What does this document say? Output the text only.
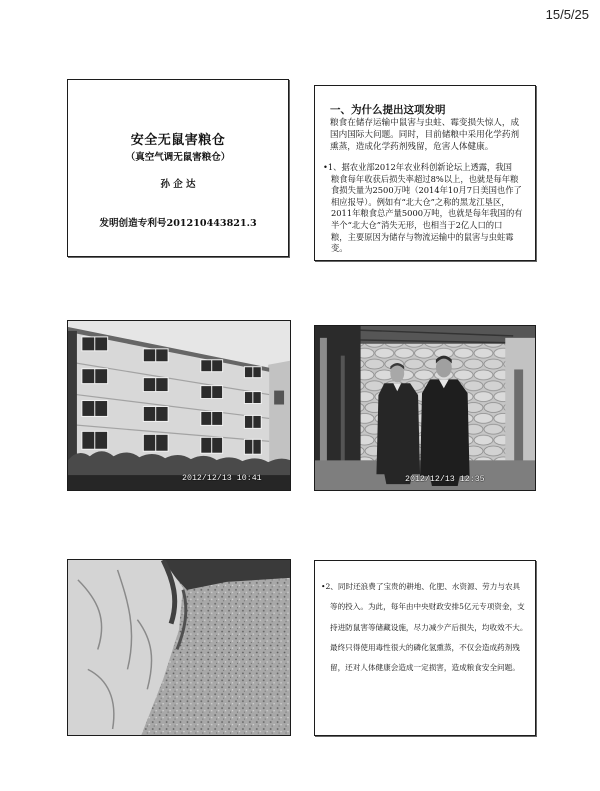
15/5/25
安全无鼠害粮仓
（真空气调无鼠害粮仓）
孙 企 达
发明创造专利号201210443821.3
一、为什么提出这项发明
粮食在储存运输中鼠害与虫蛀、霉变损失惊人，成
国内国际大问题。同时，目前储粮中采用化学药剂
熏蒸，造成化学药剂残留，危害人体健康。
•1、据农业部2012年农业科创新论坛上透露，我国
粮食每年收获后损失率超过8%以上，也就是每年粮
食损失量为2500万吨（2014年10月7日美国也作了
相应报导）。例如有“北大仓”之称的黑龙江垦区，
2011年粮食总产量5000万吨，也就是每年我国的有
半个“北大仓”消失无形，也相当于2亿人口的口
粮，主要原因为储存与物流运输中的鼠害与虫蛀霉
变。
2012/12/13 10:41	2012/12/13 12:35
•2、同时还浪费了宝贵的耕地、化肥、水资源、劳力与农具
等的投入。为此，每年由中央财政安排5亿元专项资金，支
持进防鼠害等储藏设施，尽力减少产后损失，均收效不大。
最终只得使用毒性很大的磷化氢熏蒸，不仅会造成药剂残
留，还对人体健康会造成一定损害，造成粮食安全问题。
